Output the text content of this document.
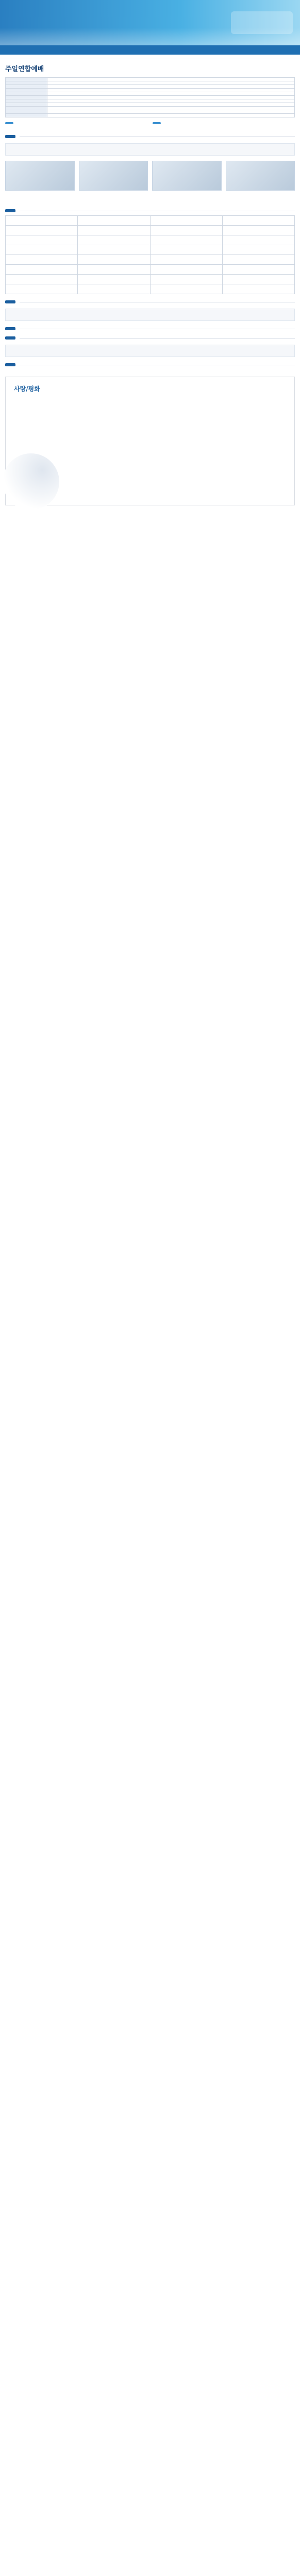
주일연합예배

사랑/평화
